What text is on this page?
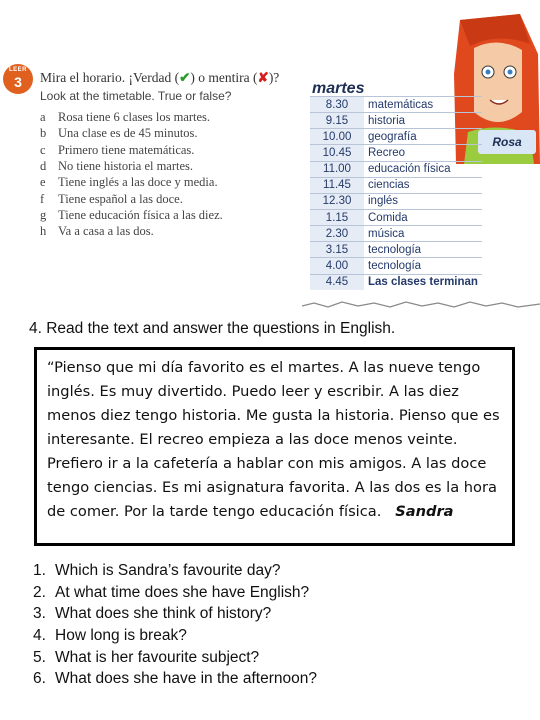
LEER
3	Mira el horario. ¡Verdad (✔) o mentira (✘)?
Look at the timetable. True or false?
a Rosa tiene 6 clases los martes.
b Una clase es de 45 minutos.
c Primero tiene matemáticas.
d No tiene historia el martes.
e Tiene inglés a las doce y media.
f Tiene español a las doce.
g Tiene educación física a las diez.
h Va a casa a las dos.
Rosa
martes
8.30	matemáticas
9.15	historia
10.00	geografía
10.45	Recreo
11.00	educación física
11.45	ciencias
12.30	inglés
1.15	Comida
2.30	música
3.15	tecnología
4.00	tecnología
4.45	Las clases terminan
4. Read the text and answer the questions in English.
“Pienso que mi día favorito es el martes. A las nueve tengo inglés. Es muy divertido. Puedo leer y escribir. A las diez menos diez tengo historia. Me gusta la historia. Pienso que es interesante. El recreo empieza a las doce menos veinte. Prefiero ir a la cafetería a hablar con mis amigos. A las doce tengo ciencias. Es mi asignatura favorita. A las dos es la hora de comer. Por la tarde tengo educación física. Sandra
1. Which is Sandra’s favourite day?
2. At what time does she have English?
3. What does she think of history?
4. How long is break?
5. What is her favourite subject?
6. What does she have in the afternoon?
